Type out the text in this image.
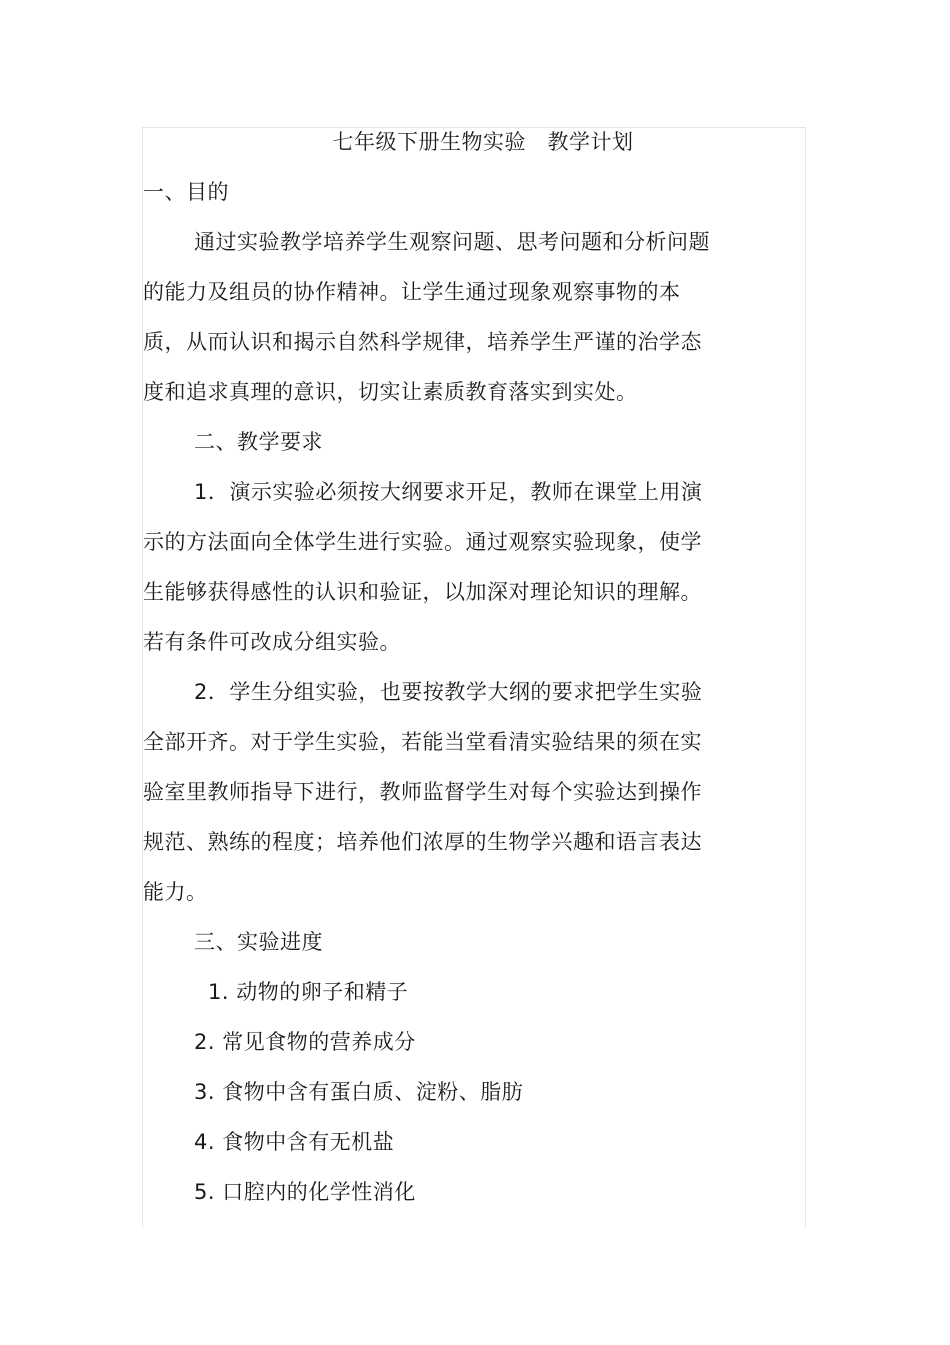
七年级下册生物实验　教学计划
一、目的
通过实验教学培养学生观察问题、思考问题和分析问题
的能力及组员的协作精神。让学生通过现象观察事物的本
质，从而认识和揭示自然科学规律，培养学生严谨的治学态
度和追求真理的意识，切实让素质教育落实到实处。
二、教学要求
1．演示实验必须按大纲要求开足，教师在课堂上用演
示的方法面向全体学生进行实验。通过观察实验现象，使学
生能够获得感性的认识和验证，以加深对理论知识的理解。
若有条件可改成分组实验。
2．学生分组实验，也要按教学大纲的要求把学生实验
全部开齐。对于学生实验，若能当堂看清实验结果的须在实
验室里教师指导下进行，教师监督学生对每个实验达到操作
规范、熟练的程度；培养他们浓厚的生物学兴趣和语言表达
能力。
三、实验进度
1. 动物的卵子和精子
2. 常见食物的营养成分
3. 食物中含有蛋白质、淀粉、脂肪
4. 食物中含有无机盐
5. 口腔内的化学性消化
